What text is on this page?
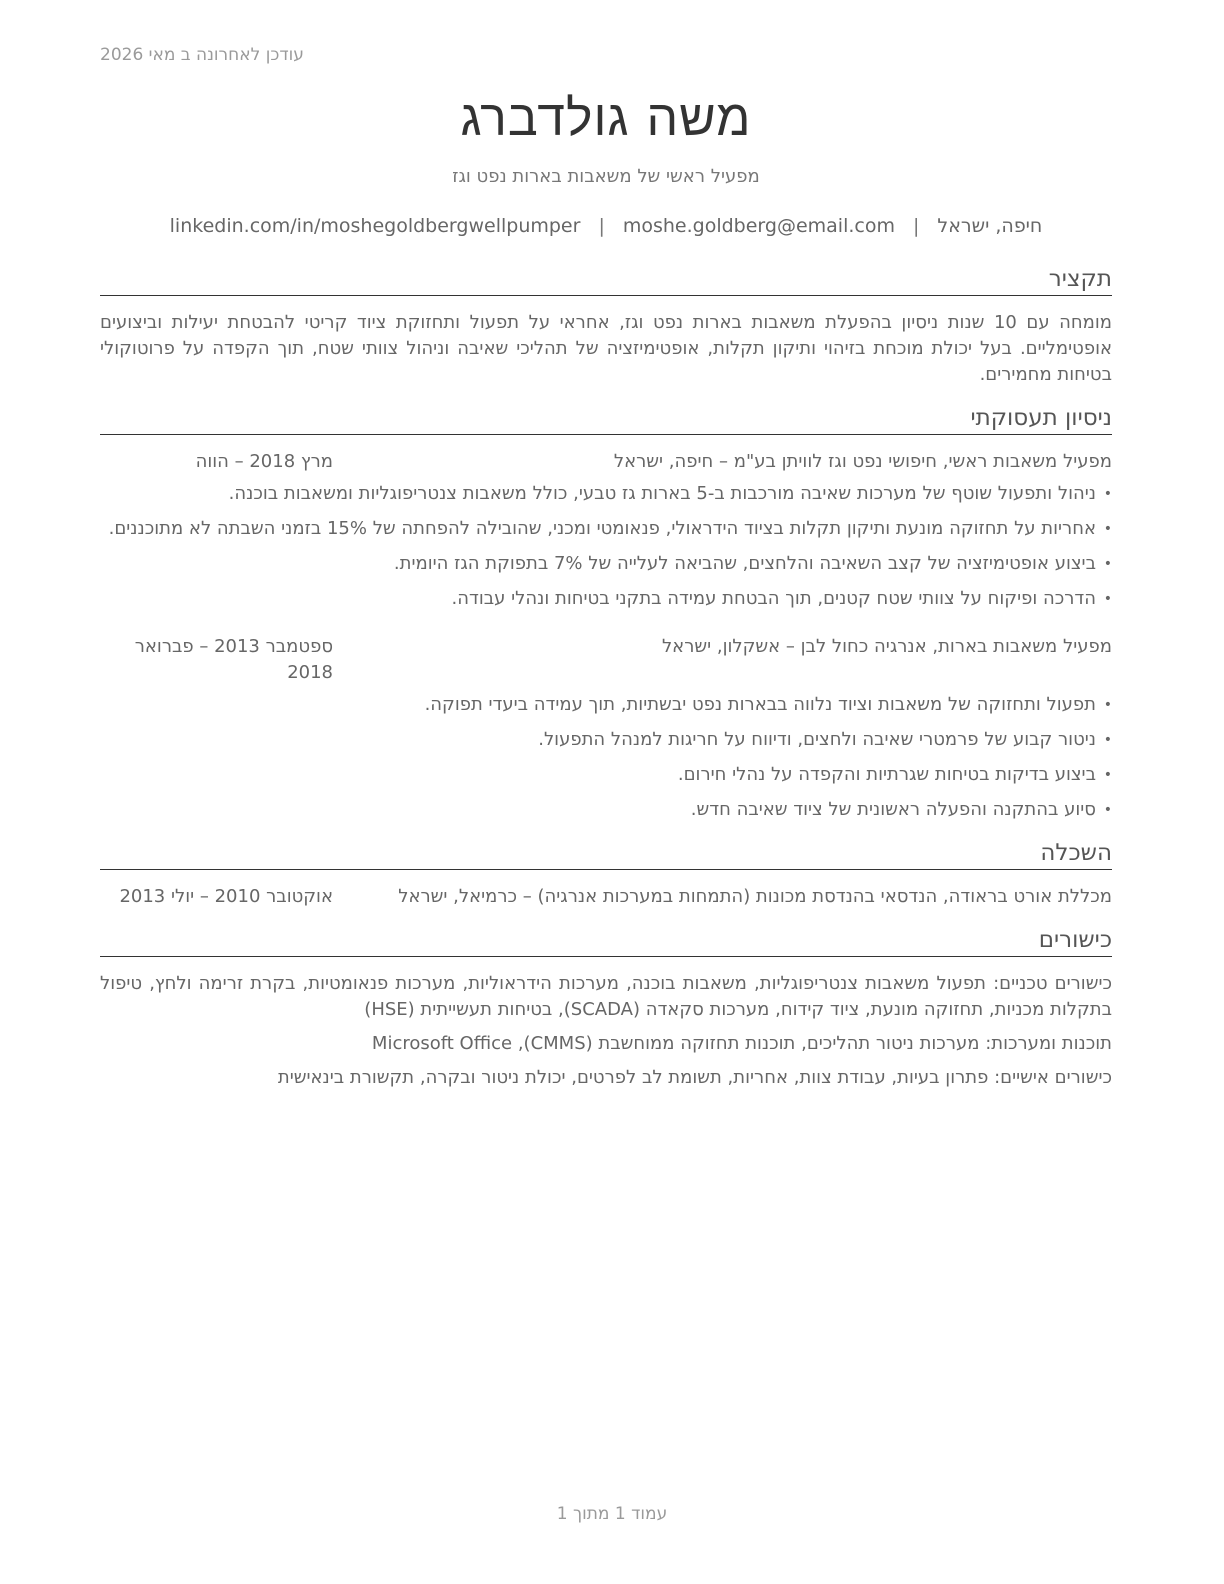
עודכן לאחרונה ב מאי 2026
משה גולדברג
מפעיל ראשי של משאבות בארות נפט וגז
חיפה, ישראל
|
moshe.goldberg@email.com
|
linkedin.com/in/moshegoldbergwellpumper
תקציר
מומחה עם 10 שנות ניסיון בהפעלת משאבות בארות נפט וגז, אחראי על תפעול ותחזוקת ציוד קריטי להבטחת יעילות וביצועים אופטימליים. בעל יכולת מוכחת בזיהוי ותיקון תקלות, אופטימיזציה של תהליכי שאיבה וניהול צוותי שטח, תוך הקפדה על פרוטוקולי בטיחות מחמירים.
ניסיון תעסוקתי
מפעיל משאבות ראשי, חיפושי נפט וגז לוויתן בע"מ – חיפה, ישראל
מרץ 2018 – הווה
• ניהול ותפעול שוטף של מערכות שאיבה מורכבות ב-5 בארות גז טבעי, כולל משאבות צנטריפוגליות ומשאבות בוכנה.
• אחריות על תחזוקה מונעת ותיקון תקלות בציוד הידראולי, פנאומטי ומכני, שהובילה להפחתה של 15% בזמני השבתה לא מתוכננים.
• ביצוע אופטימיזציה של קצב השאיבה והלחצים, שהביאה לעלייה של 7% בתפוקת הגז היומית.
• הדרכה ופיקוח על צוותי שטח קטנים, תוך הבטחת עמידה בתקני בטיחות ונהלי עבודה.
מפעיל משאבות בארות, אנרגיה כחול לבן – אשקלון, ישראל
ספטמבר 2013 – פברואר 2018
• תפעול ותחזוקה של משאבות וציוד נלווה בבארות נפט יבשתיות, תוך עמידה ביעדי תפוקה.
• ניטור קבוע של פרמטרי שאיבה ולחצים, ודיווח על חריגות למנהל התפעול.
• ביצוע בדיקות בטיחות שגרתיות והקפדה על נהלי חירום.
• סיוע בהתקנה והפעלה ראשונית של ציוד שאיבה חדש.
השכלה
מכללת אורט בראודה, הנדסאי בהנדסת מכונות (התמחות במערכות אנרגיה) – כרמיאל, ישראל
אוקטובר 2010 – יולי 2013
כישורים

כישורים טכניים: תפעול משאבות צנטריפוגליות, משאבות בוכנה, מערכות הידראוליות, מערכות פנאומטיות, בקרת זרימה ולחץ, טיפול בתקלות מכניות, תחזוקה מונעת, ציוד קידוח, מערכות סקאדה (SCADA), בטיחות תעשייתית (HSE)

תוכנות ומערכות: מערכות ניטור תהליכים, תוכנות תחזוקה ממוחשבת (CMMS), Microsoft Office

כישורים אישיים: פתרון בעיות, עבודת צוות, אחריות, תשומת לב לפרטים, יכולת ניטור ובקרה, תקשורת בינאישית

עמוד 1 מתוך 1
